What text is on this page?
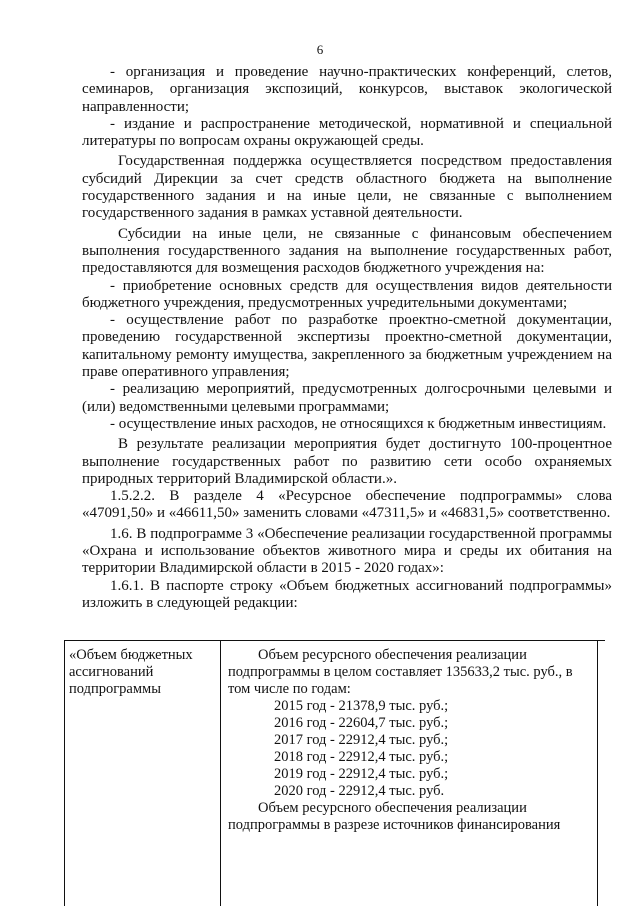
6

- организация и проведение научно-практических конференций, слетов, семинаров, организация экспозиций, конкурсов, выставок экологической направленности;

- издание и распространение методической, нормативной и специальной литературы по вопросам охраны окружающей среды.

Государственная поддержка осуществляется посредством предоставления субсидий Дирекции за счет средств областного бюджета на выполнение государственного задания и на иные цели, не связанные с выполнением государственного задания в рамках уставной деятельности.

Субсидии на иные цели, не связанные с финансовым обеспечением выполнения государственного задания на выполнение государственных работ, предоставляются для возмещения расходов бюджетного учреждения на:

- приобретение основных средств для осуществления видов деятельности бюджетного учреждения, предусмотренных учредительными документами;

- осуществление работ по разработке проектно-сметной документации, проведению государственной экспертизы проектно-сметной документации, капитальному ремонту имущества, закрепленного за бюджетным учреждением на праве оперативного управления;

- реализацию мероприятий, предусмотренных долгосрочными целевыми и (или) ведомственными целевыми программами;

- осуществление иных расходов, не относящихся к бюджетным инвестициям.

В результате реализации мероприятия будет достигнуто 100-процентное выполнение государственных работ по развитию сети особо охраняемых природных территорий Владимирской области.».

1.5.2.2. В разделе 4 «Ресурсное обеспечение подпрограммы» слова «47091,50» и «46611,50» заменить словами «47311,5» и «46831,5» соответственно.

1.6. В подпрограмме 3 «Обеспечение реализации государственной программы «Охрана и использование объектов животного мира и среды их обитания на территории Владимирской области в 2015 - 2020 годах»:

1.6.1. В паспорте строку «Объем бюджетных ассигнований подпрограммы» изложить в следующей редакции:

«Объем бюджетных ассигнований подпрограммы

Объем ресурсного обеспечения реализации подпрограммы в целом составляет 135633,2 тыс. руб., в том числе по годам:

2015 год - 21378,9 тыс. руб.;

2016 год - 22604,7 тыс. руб.;

2017 год - 22912,4 тыс. руб.;

2018 год - 22912,4 тыс. руб.;

2019 год - 22912,4 тыс. руб.;

2020 год - 22912,4 тыс. руб.

Объем ресурсного обеспечения реализации подпрограммы в разрезе источников финансирования
